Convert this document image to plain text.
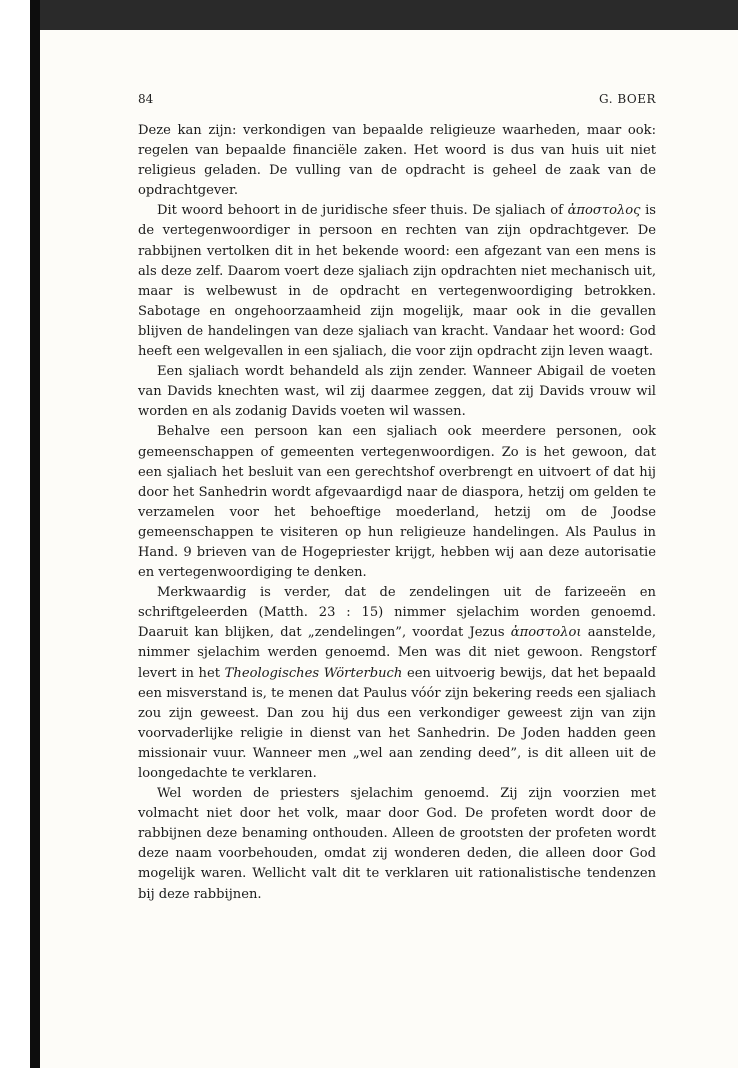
84	G. BOER

Deze kan zijn: verkondigen van bepaalde religieuze waarheden, maar ook: regelen van bepaalde financiële zaken. Het woord is dus van huis uit niet religieus geladen. De vulling van de opdracht is geheel de zaak van de opdrachtgever.

Dit woord behoort in de juridische sfeer thuis. De sjaliach of ἀποστολος is de vertegenwoordiger in persoon en rechten van zijn opdrachtgever. De rabbijnen vertolken dit in het bekende woord: een afgezant van een mens is als deze zelf. Daarom voert deze sjaliach zijn opdrachten niet mechanisch uit, maar is welbewust in de opdracht en vertegenwoordiging betrokken. Sabotage en ongehoorzaamheid zijn mogelijk, maar ook in die gevallen blijven de handelingen van deze sjaliach van kracht. Vandaar het woord: God heeft een welgevallen in een sjaliach, die voor zijn opdracht zijn leven waagt.

Een sjaliach wordt behandeld als zijn zender. Wanneer Abigail de voeten van Davids knechten wast, wil zij daarmee zeggen, dat zij Davids vrouw wil worden en als zodanig Davids voeten wil wassen.

Behalve een persoon kan een sjaliach ook meerdere personen, ook gemeenschappen of gemeenten vertegenwoordigen. Zo is het gewoon, dat een sjaliach het besluit van een gerechtshof overbrengt en uitvoert of dat hij door het Sanhedrin wordt afgevaardigd naar de diaspora, hetzij om gelden te verzamelen voor het behoeftige moederland, hetzij om de Joodse gemeenschappen te visiteren op hun religieuze handelingen. Als Paulus in Hand. 9 brieven van de Hogepriester krijgt, hebben wij aan deze autorisatie en vertegenwoordiging te denken.

Merkwaardig is verder, dat de zendelingen uit de farizeeën en schriftgeleerden (Matth. 23 : 15) nimmer sjelachim worden genoemd. Daaruit kan blijken, dat „zendelingen”, voordat Jezus ἀποστολοι aanstelde, nimmer sjelachim werden genoemd. Men was dit niet gewoon. Rengstorf levert in het Theologisches Wörterbuch een uitvoerig bewijs, dat het bepaald een misverstand is, te menen dat Paulus vóór zijn bekering reeds een sjaliach zou zijn geweest. Dan zou hij dus een verkondiger geweest zijn van zijn voorvaderlijke religie in dienst van het Sanhedrin. De Joden hadden geen missionair vuur. Wanneer men „wel aan zending deed”, is dit alleen uit de loongedachte te verklaren.

Wel worden de priesters sjelachim genoemd. Zij zijn voorzien met volmacht niet door het volk, maar door God. De profeten wordt door de rabbijnen deze benaming onthouden. Alleen de grootsten der profeten wordt deze naam voorbehouden, omdat zij wonderen deden, die alleen door God mogelijk waren. Wellicht valt dit te verklaren uit rationalistische tendenzen bij deze rabbijnen.
